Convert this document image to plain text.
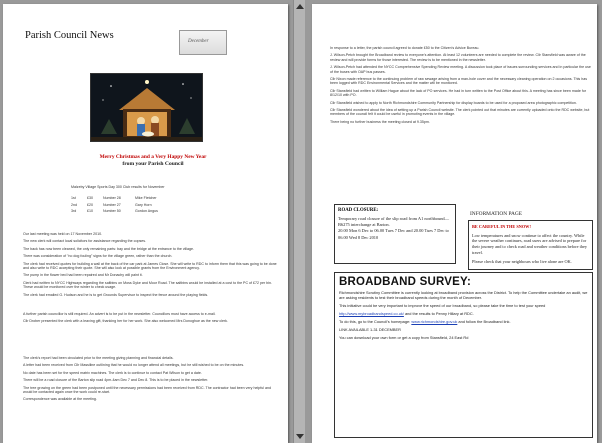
Parish Council News
December
Merry Christmas and a Very Happy New Year
from your Parish Council
Malzeby Village Sports Day 300 Club results for November
1st	£30	Number 28	Mike Fletcher
2nd	£20	Number 27	Gary Horn
3rd	£10	Number 50	Gordon Angus

Our last meeting was held on 17 November 2010.

The new clerk will contact local solicitors for assistance regarding the copses.

The back has now been cleaned, the only remaining parts: bay and the bridge at the entrance to the village.

There was consideration of "no dog fouling" signs for the village green, rather than the church.

The clerk had received quotes for building a wall at the back of the car park at James Close. She will write to RDC to inform them that this was going to be done and also write to RDC accepting their quote. She will also look at possible grants from the Environment agency.

The pump in the flower bed had been repaired and Mr Donachy will paint it.

Clerk had written to NYCC Highways regarding the saltbins on Moss Dyke and Moor Road. The saltbins would be installed at a cost to the PC of £72 per bin. These would be monitored over the winter to check usage.

The clerk had emailed G. Hudson and he is to get Grounds Supervisor to inspect the fence around the playing fields.

A further parish councillor is still required. An advert is to be put in the newsletter. Councillors must have access to e-mail.

Cllr Drober presented the clerk with a leaving gift, thanking her for her work. She also welcomed Mrs Donoghue as the new clerk.

The clerk's report had been circulated prior to the meeting giving planning and financial details.

A letter had been received from Cllr Massiline outlining that he would no longer attend all meetings, but he still wished to be on the minutes.

No date has been set for the speed matrix machines. The clerk is to continue to contact Pat Wilson to get a date.

There will be a road closure of the Barton slip road 4pm-4am Dec 7 and Dec 8. This is to be placed in the newsletter.

The tree growing on the green had been postponed until the necessary permissions had been received from RDC. The contractor had been very helpful and would be contacted again once the work could re-start.

Correspondence was available at the meeting.

In response to a letter, the parish council agreed to donate £50 to the Citizen's Advice Bureau.

J. Wilson-Petch brought the Broadband review to everyone's attention. At least 12 volunteers are needed to complete the review. Cllr Stansfield was aware of the review and will provide forms for those interested. The review is to be mentioned in the newsletter.

J. Wilson-Petch had attended the NYCC Comprehensive Spending Review meeting. A discussion took place of issues surrounding services and in particular the use of the buses with OAP bus passes.

Cllr Nixon made reference to the continuing problem of raw sewage arising from a man-hole cover and the necessary cleaning operation on 2 occasions. This has been logged with RDC Environmental Services and the matter will be monitored.

Cllr Stansfield had written to William Hague about the lack of PO services. He had in turn written to the Post Office about this. A meeting has since been made for 8/12/10 with PO.

Cllr Stansfield wished to apply to North Richmondshire Community Partnership for display boards to be used for a proposed area photographic competition.

Cllr Stansfield wondered about the idea of setting up a Parish Council website. The clerk pointed out that minutes are currently uploaded onto the RDC website, but members of the council felt it could be useful in promoting events in the village.

There being no further business the meeting closed at 9.35pm.

ROAD CLOSURE:
Temporary road closure of the slip road from A1 northbound—B6275 interchange at Barton.
20.00 Mon 6 Dec to 06.00 Tues 7 Dec and 20.00 Tues 7 Dec to 06.00 Wed 8 Dec 2010
INFORMATION PAGE

BE CAREFUL IN THE SNOW!

Low temperatures and snow continue to affect the country. While the severe weather continues, road users are advised to prepare for their journey and to check road and weather conditions before they travel.

Please check that your neighbours who live alone are OK.

BROADBAND SURVEY:

Richmondshire Scrutiny Committee is currently looking at broadband provision across the District. To help the Committee undertake an audit, we are asking residents to test their broadband speeds during the month of December.

This initiative could be very important to improve the speed of our broadband, so please take the time to test your speed

http://www.mybroadbandspeed.co.uk/ and the results to Penny Hillary at RDC.

To do this, go to the Council's homepage: www.richmondshire.gov.uk and follow the Broadband link.

LINK AVAILABLE 1-31 DECEMBER

You can download your own form or get a copy from Stansfield, 24 East Rd
